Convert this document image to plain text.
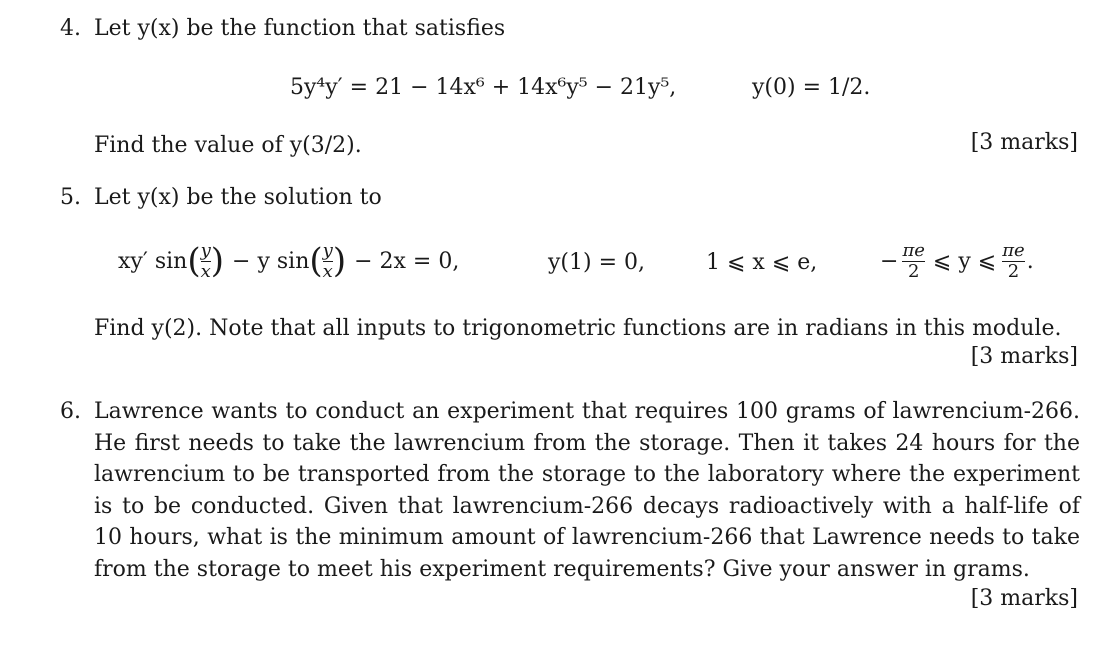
4. Let y(x) be the function that satisfies
5y⁴y′ = 21 − 14x⁶ + 14x⁶y⁵ − 21y⁵,	y(0) = 1/2.
Find the value of y(3/2).	[3 marks]
5. Let y(x) be the solution to
xy′ sin ( $\frac{y}{x}$ ) − y sin ( $\frac{y}{x}$ ) − 2x = 0,	y(1) = 0,	1 ⩽ x ⩽ e,	− $\frac{\pi e}{2}$ ⩽ y ⩽ $\frac{\pi e}{2}$ .
Find y(2). Note that all inputs to trigonometric functions are in radians in this module.
[3 marks]
6. Lawrence wants to conduct an experiment that requires 100 grams of lawrencium-266. He first needs to take the lawrencium from the storage. Then it takes 24 hours for the lawrencium to be transported from the storage to the laboratory where the experiment is to be conducted. Given that lawrencium-266 decays radioactively with a half-life of 10 hours, what is the minimum amount of lawrencium-266 that Lawrence needs to take from the storage to meet his experiment requirements? Give your answer in grams.
[3 marks]
